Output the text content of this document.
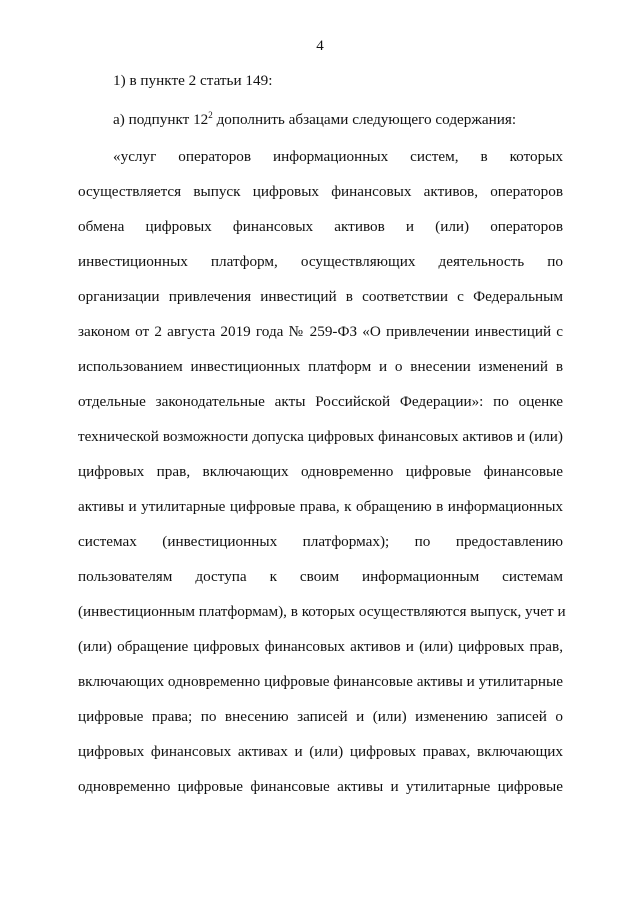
4
1) в пункте 2 статьи 149:
а) подпункт $12^2$ дополнить абзацами следующего содержания:
«услуг операторов информационных систем, в которых
осуществляется выпуск цифровых финансовых активов, операторов
обмена цифровых финансовых активов и (или) операторов
инвестиционных платформ, осуществляющих деятельность по
организации привлечения инвестиций в соответствии с Федеральным
законом от 2 августа 2019 года № 259-ФЗ «О привлечении инвестиций с
использованием инвестиционных платформ и о внесении изменений в
отдельные законодательные акты Российской Федерации»: по оценке
технической возможности допуска цифровых финансовых активов и (или)
цифровых прав, включающих одновременно цифровые финансовые
активы и утилитарные цифровые права, к обращению в информационных
системах (инвестиционных платформах); по предоставлению
пользователям доступа к своим информационным системам
(инвестиционным платформам), в которых осуществляются выпуск, учет и
(или) обращение цифровых финансовых активов и (или) цифровых прав,
включающих одновременно цифровые финансовые активы и утилитарные
цифровые права; по внесению записей и (или) изменению записей о
цифровых финансовых активах и (или) цифровых правах, включающих
одновременно цифровые финансовые активы и утилитарные цифровые
